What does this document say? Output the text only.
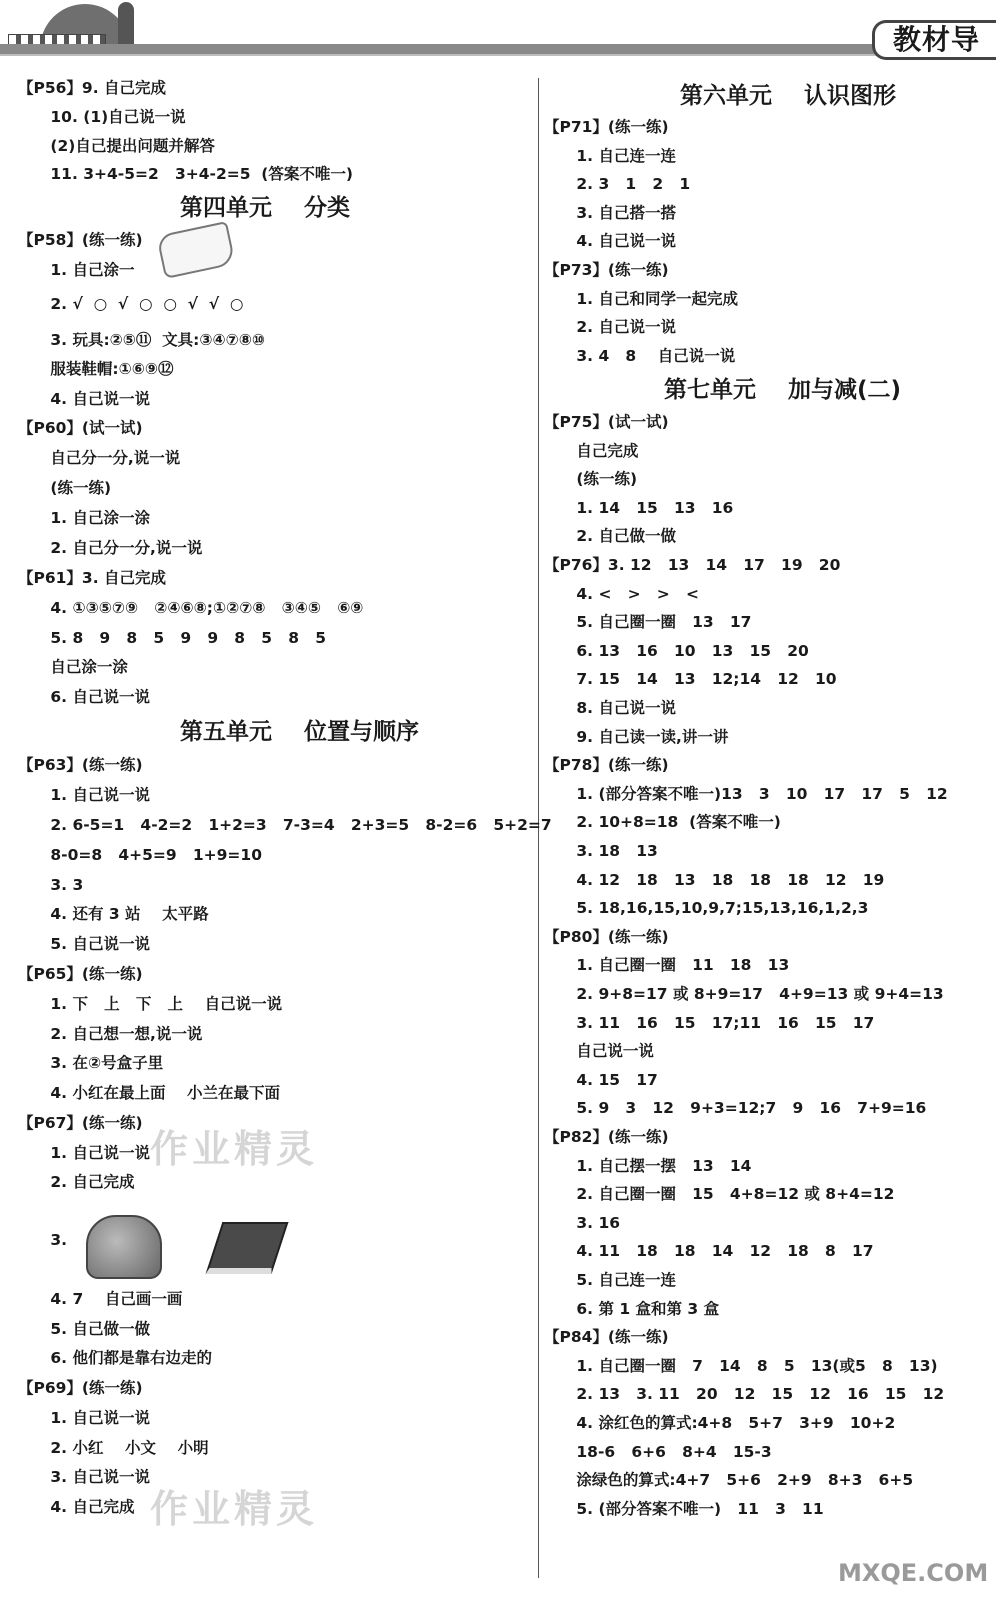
教材导
【P56】9. 自己完成
10. (1)自己说一说
(2)自己提出问题并解答
11. 3+4-5=2   3+4-2=5  (答案不唯一)
第四单元    分类
【P58】(练一练)
1. 自己涂一
2. √  ○  √  ○  ○  √  √  ○
3. 玩具:②⑤⑪  文具:③④⑦⑧⑩
服装鞋帽:①⑥⑨⑫
4. 自己说一说
【P60】(试一试)
自己分一分,说一说
(练一练)
1. 自己涂一涂
2. 自己分一分,说一说
【P61】3. 自己完成
4. ①③⑤⑦⑨   ②④⑥⑧;①②⑦⑧   ③④⑤   ⑥⑨
5. 8   9   8   5   9   9   8   5   8   5
自己涂一涂
6. 自己说一说
第五单元    位置与顺序
【P63】(练一练)
1. 自己说一说
2. 6-5=1   4-2=2   1+2=3   7-3=4   2+3=5   8-2=6   5+2=7
8-0=8   4+5=9   1+9=10
3. 3
4. 还有 3 站    太平路
5. 自己说一说
【P65】(练一练)
1. 下   上   下   上    自己说一说
2. 自己想一想,说一说
3. 在②号盒子里
4. 小红在最上面    小兰在最下面
【P67】(练一练)
1. 自己说一说
2. 自己完成
3.
4. 7    自己画一画
5. 自己做一做
6. 他们都是靠右边走的
【P69】(练一练)
1. 自己说一说
2. 小红    小文    小明
3. 自己说一说
4. 自己完成
第六单元    认识图形
【P71】(练一练)
1. 自己连一连
2. 3   1   2   1
3. 自己搭一搭
4. 自己说一说
【P73】(练一练)
1. 自己和同学一起完成
2. 自己说一说
3. 4   8    自己说一说
第七单元    加与减(二)
【P75】(试一试)
自己完成
(练一练)
1. 14   15   13   16
2. 自己做一做
【P76】3. 12   13   14   17   19   20
4. <   >   >   <
5. 自己圈一圈   13   17
6. 13   16   10   13   15   20
7. 15   14   13   12;14   12   10
8. 自己说一说
9. 自己读一读,讲一讲
【P78】(练一练)
1. (部分答案不唯一)13   3   10   17   17   5   12
2. 10+8=18  (答案不唯一)
3. 18   13
4. 12   18   13   18   18   18   12   19
5. 18,16,15,10,9,7;15,13,16,1,2,3
【P80】(练一练)
1. 自己圈一圈   11   18   13
2. 9+8=17 或 8+9=17   4+9=13 或 9+4=13
3. 11   16   15   17;11   16   15   17
自己说一说
4. 15   17
5. 9   3   12   9+3=12;7   9   16   7+9=16
【P82】(练一练)
1. 自己摆一摆   13   14
2. 自己圈一圈   15   4+8=12 或 8+4=12
3. 16
4. 11   18   18   14   12   18   8   17
5. 自己连一连
6. 第 1 盒和第 3 盒
【P84】(练一练)
1. 自己圈一圈   7   14   8   5   13(或5   8   13)
2. 13   3. 11   20   12   15   12   16   15   12
4. 涂红色的算式:4+8   5+7   3+9   10+2
18-6   6+6   8+4   15-3
涂绿色的算式:4+7   5+6   2+9   8+3   6+5
5. (部分答案不唯一)   11   3   11
作业精灵
作业精灵
MXQE.COM
